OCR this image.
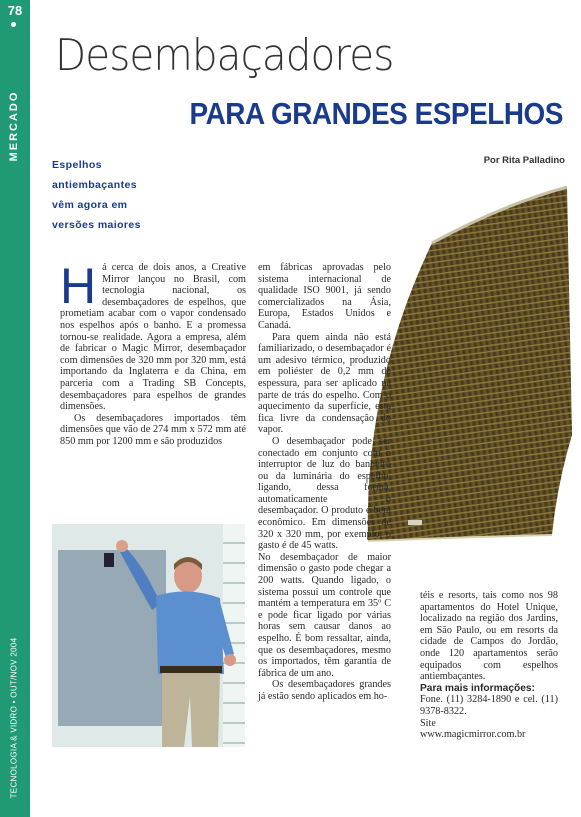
78
MERCADO
TECNOLOGIA & VIDRO • OUT/NOV 2004
Desembaçadores
PARA GRANDES ESPELHOS
Por Rita Palladino
Espelhos
antiembaçantes
vêm agora em
versões maiores
H á cerca de dois anos, a Creative Mirror lançou no Brasil, com tecnologia nacional, os desembaçadores de espelhos, que prometiam acabar com o vapor condensado nos espelhos após o banho. E a promessa tornou-se realidade. Agora a empresa, além de fabricar o Magic Mirror, desembaçador com dimensões de 320 mm por 320 mm, está importando da Inglaterra e da China, em parceria com a Trading SB Concepts, desembaçadores para espelhos de grandes dimensões.

Os desembaçadores importados têm dimensões que vão de 274 mm x 572 mm até 850 mm por 1200 mm e são produzidos

em fábricas aprovadas pelo sistema internacional de qualidade ISO 9001, já sendo comercializados na Ásia, Europa, Estados Unidos e Canadá.

Para quem ainda não está familiarizado, o desembaçador é um adesivo térmico, produzido em poliéster de 0,2 mm de espessura, para ser aplicado na parte de trás do espelho. Com o aquecimento da superfície, esta fica livre da condensação do vapor.

O desembaçador pode ser conectado em conjunto com o interruptor de luz do banheiro ou da luminária do espelho, ligando, dessa forma, automaticamente o desembaçador. O produto é bem econômico. Em dimensões de 320 x 320 mm, por exemplo, o gasto é de 45 watts.

No desembaçador de maior dimensão o gasto pode chegar a 200 watts. Quando ligado, o sistema possui um controle que mantém a temperatura em 35º C e pode ficar ligado por várias horas sem causar danos ao espelho. É bom ressaltar, ainda, que os desembaçadores, mesmo os importados, têm garantia de fábrica de um ano.

Os desembaçadores grandes já estão sendo aplicados em ho-

téis e resorts, tais como nos 98 apartamentos do Hotel Unique, localizado na região dos Jardins, em São Paulo, ou em resorts da cidade de Campos do Jordão, onde 120 apartamentos serão equipados com espelhos antiembaçantes.

Para mais informações:

Fone. (11) 3284-1890 e cel. (11) 9378-8322.

Site

www.magicmirror.com.br
